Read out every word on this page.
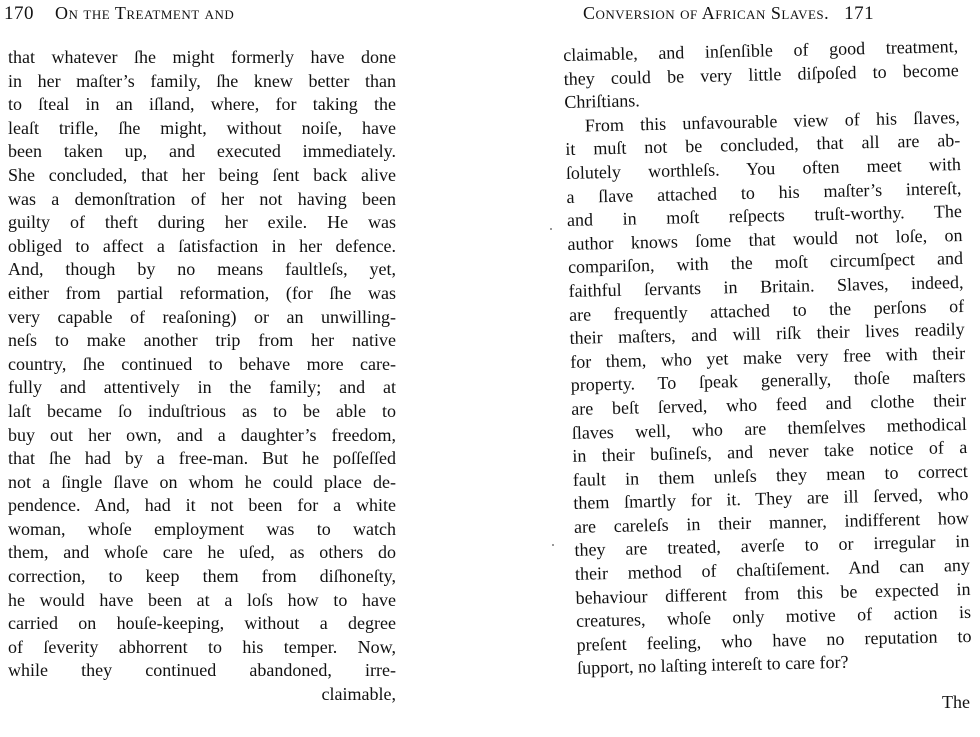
170 On the Treatment and
that whatever ſhe might formerly have done
in her maſter’s family, ſhe knew better than
to ſteal in an iſland, where, for taking the
leaſt trifle, ſhe might, without noiſe, have
been taken up, and executed immediately.
She concluded, that her being ſent back alive
was a demonſtration of her not having been
guilty of theft during her exile. He was
obliged to affect a ſatisfaction in her defence.
And, though by no means faultleſs, yet,
either from partial reformation, (for ſhe was
very capable of reaſoning) or an unwilling-
neſs to make another trip from her native
country, ſhe continued to behave more care-
fully and attentively in the family; and at
laſt became ſo induſtrious as to be able to
buy out her own, and a daughter’s freedom,
that ſhe had by a free-man. But he poſſeſſed
not a ſingle ſlave on whom he could place de-
pendence. And, had it not been for a white
woman, whoſe employment was to watch
them, and whoſe care he uſed, as others do
correction, to keep them from diſhoneſty,
he would have been at a loſs how to have
carried on houſe-keeping, without a degree
of ſeverity abhorrent to his temper. Now,
while they continued abandoned, irre-
claimable,
Conversion of African Slaves. 171
claimable, and inſenſible of good treatment,
they could be very little diſpoſed to become
Chriſtians.
From this unfavourable view of his ſlaves,
it muſt not be concluded, that all are ab-
ſolutely worthleſs. You often meet with
a ſlave attached to his maſter’s intereſt,
and in moſt reſpects truſt-worthy. The
author knows ſome that would not loſe, on
compariſon, with the moſt circumſpect and
faithful ſervants in Britain. Slaves, indeed,
are frequently attached to the perſons of
their maſters, and will riſk their lives readily
for them, who yet make very free with their
property. To ſpeak generally, thoſe maſters
are beſt ſerved, who feed and clothe their
ſlaves well, who are themſelves methodical
in their buſineſs, and never take notice of a
fault in them unleſs they mean to correct
them ſmartly for it. They are ill ſerved, who
are careleſs in their manner, indifferent how
they are treated, averſe to or irregular in
their method of chaſtiſement. And can any
behaviour different from this be expected in
creatures, whoſe only motive of action is
preſent feeling, who have no reputation to
ſupport, no laſting intereſt to care for?
The
